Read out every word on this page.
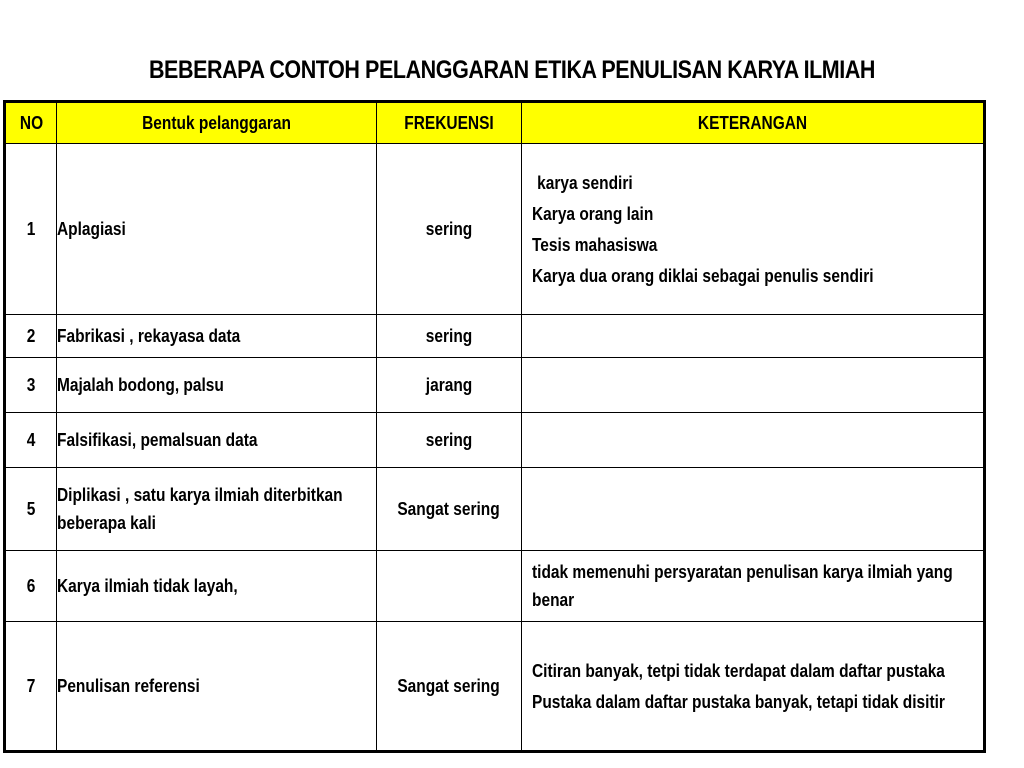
BEBERAPA CONTOH PELANGGARAN ETIKA PENULISAN KARYA ILMIAH
NO	Bentuk pelanggaran	FREKUENSI	KETERANGAN
1	Aplagiasi	sering	karya sendiri
Karya orang lain
Tesis mahasiswa
Karya dua orang diklai sebagai penulis sendiri

2	Fabrikasi , rekayasa data	sering	
3	Majalah bodong, palsu	jarang	
4	Falsifikasi, pemalsuan data	sering	
5	Diplikasi , satu karya ilmiah diterbitkan beberapa kali	Sangat sering	

6	Karya ilmiah tidak layah,		tidak memenuhi persyaratan penulisan karya ilmiah yang benar

7	Penulisan referensi	Sangat sering	Citiran banyak, tetpi tidak terdapat dalam daftar pustaka
Pustaka dalam daftar pustaka banyak, tetapi tidak disitir
